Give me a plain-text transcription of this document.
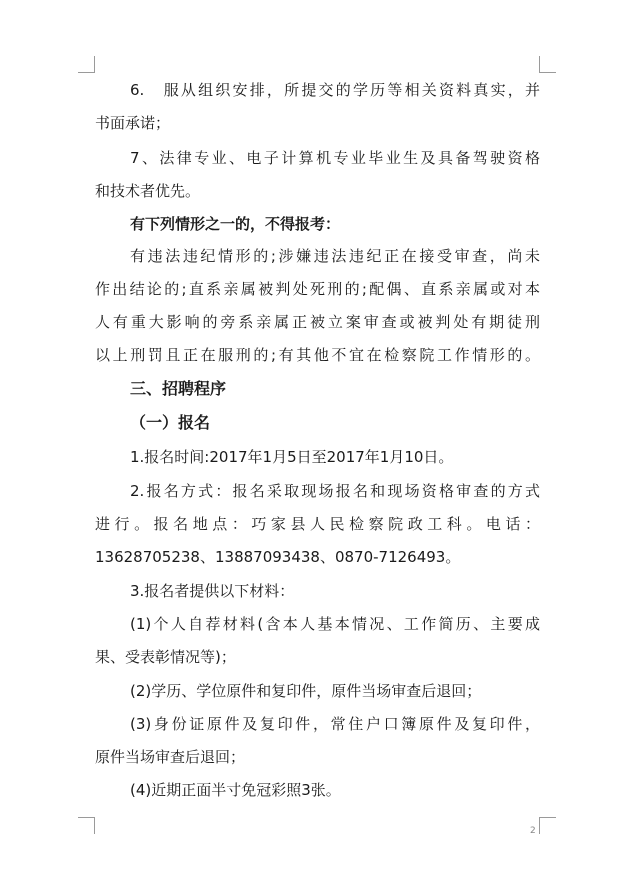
6.　服从组织安排，所提交的学历等相关资料真实，并

书面承诺；

7、法律专业、电子计算机专业毕业生及具备驾驶资格

和技术者优先。

有下列情形之一的，不得报考：

有违法违纪情形的;涉嫌违法违纪正在接受审查，尚未

作出结论的;直系亲属被判处死刑的;配偶、直系亲属或对本

人有重大影响的旁系亲属正被立案审查或被判处有期徒刑

以上刑罚且正在服刑的;有其他不宜在检察院工作情形的。

三、招聘程序

（一）报名

1.报名时间:2017年1月5日至2017年1月10日。

2.报名方式：报名采取现场报名和现场资格审查的方式

进行。报名地点：巧家县人民检察院政工科。电话：

13628705238、13887093438、0870-7126493。

3.报名者提供以下材料：

(1)个人自荐材料(含本人基本情况、工作简历、主要成

果、受表彰情况等)；

(2)学历、学位原件和复印件，原件当场审查后退回；

(3)身份证原件及复印件，常住户口簿原件及复印件，

原件当场审查后退回；

(4)近期正面半寸免冠彩照3张。

2
